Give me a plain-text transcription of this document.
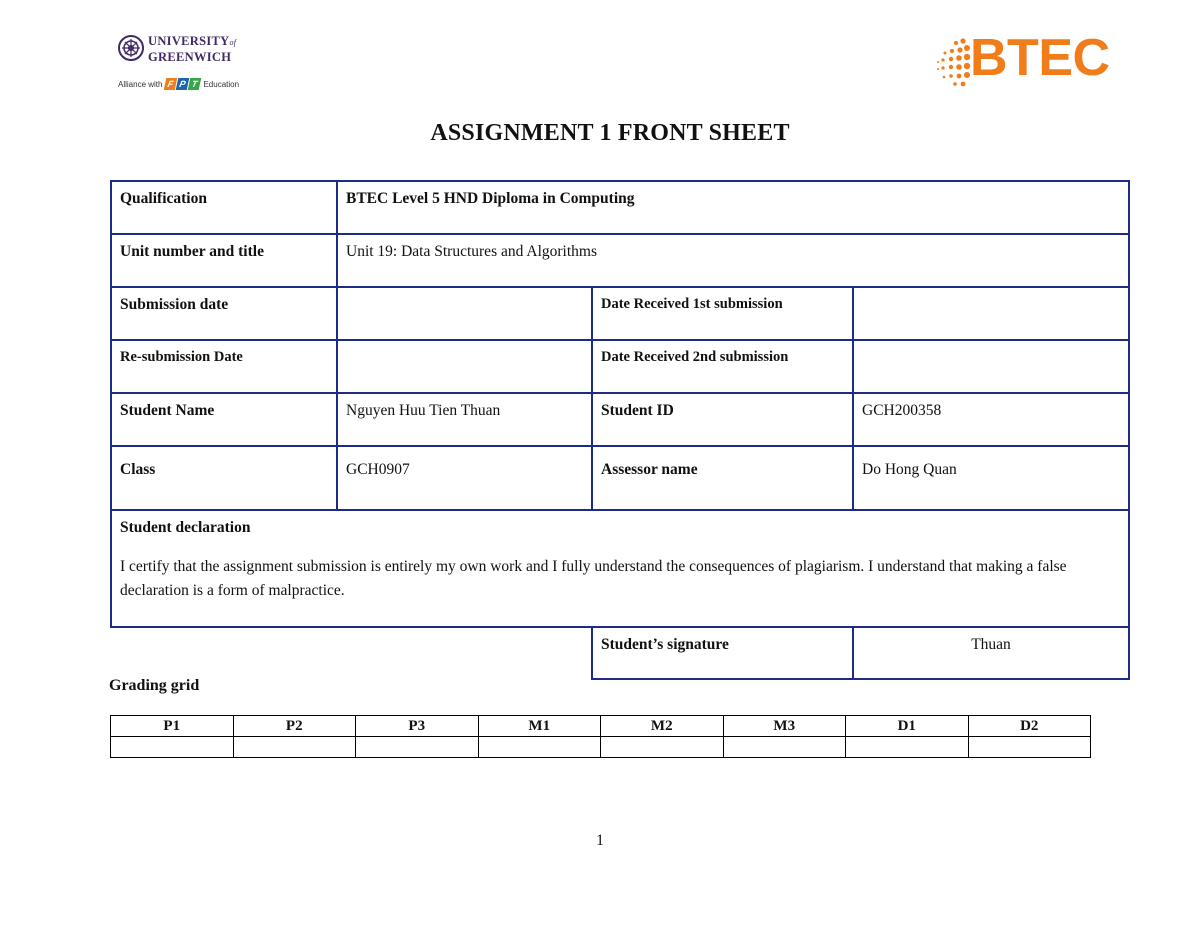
UNIVERSITYof
GREENWICH
Alliance with F P T Education	BTEC
ASSIGNMENT 1 FRONT SHEET
Qualification	BTEC Level 5 HND Diploma in Computing		
Unit number and title	Unit 19: Data Structures and Algorithms		
Submission date		Date Received 1st submission	
Re-submission Date		Date Received 2nd submission	
Student Name	Nguyen Huu Tien Thuan	Student ID	GCH200358
Class	GCH0907	Assessor name	Do Hong Quan

Student declaration
I certify that the assignment submission is entirely my own work and I fully understand the consequences of plagiarism. I understand that making a false declaration is a form of malpractice.			

		Student’s signature	Thuan
Grading grid
P1	P2	P3	M1	M2	M3	D1	D2

1
